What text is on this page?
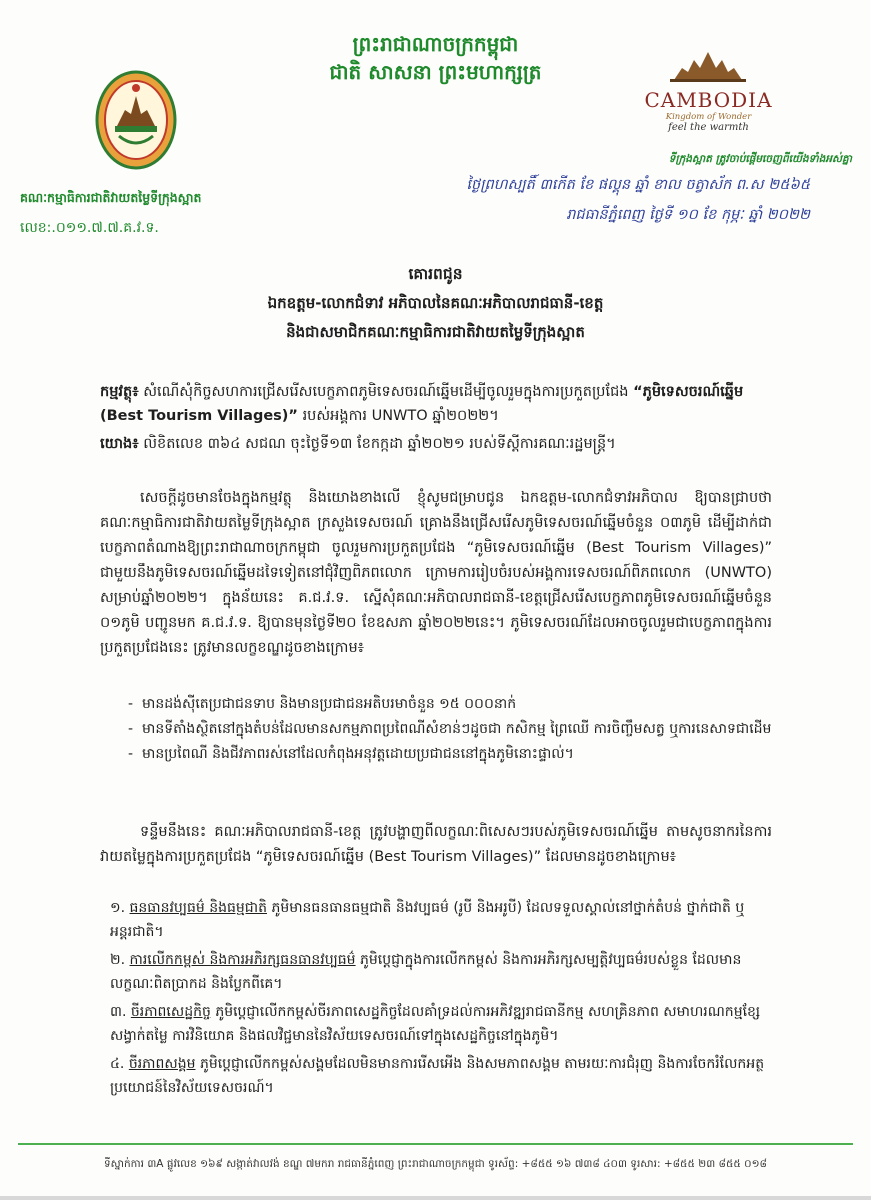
ព្រះរាជាណាចក្រកម្ពុជា
ជាតិ សាសនា ព្រះមហាក្សត្រ
គណៈកម្មាធិការជាតិវាយតម្លៃទីក្រុងស្អាត
លេខ:.០១១.៧.៧.គ.វ.ទ.
CAMBODIA
Kingdom of Wonder
feel the warmth
ទីក្រុងស្អាត ត្រូវចាប់ផ្តើមចេញពីយើងទាំងអស់គ្នា
ថ្ងៃព្រហស្បតិ៍ ៣កើត ខែ ផល្គុន ឆ្នាំ ខាល ចត្វាស័ក ព.ស ២៥៦៥
រាជធានីភ្នំពេញ ថ្ងៃទី ១០ ខែ កុម្ភៈ ឆ្នាំ ២០២២
គោរពជូន
ឯកឧត្តម-លោកជំទាវ អភិបាលនៃគណៈអភិបាលរាជធានី-ខេត្ត
និងជាសមាជិកគណៈកម្មាធិការជាតិវាយតម្លៃទីក្រុងស្អាត
កម្មវត្ថុ៖ សំណើសុំកិច្ចសហការជ្រើសរើសបេក្ខភាពភូមិទេសចរណ៍ឆ្នើមដើម្បីចូលរួមក្នុងការប្រកួតប្រជែង “ភូមិទេសចរណ៍ឆ្នើម (Best Tourism Villages)” របស់អង្គការ UNWTO ឆ្នាំ២០២២។
យោង៖ លិខិតលេខ ៣៦៤ សជណ ចុះថ្ងៃទី១៣ ខែកក្កដា ឆ្នាំ២០២១ របស់ទីស្តីការគណៈរដ្ឋមន្ត្រី។
សេចក្តីដូចមានចែងក្នុងកម្មវត្ថុ និងយោងខាងលើ ខ្ញុំសូមជម្រាបជូន ឯកឧត្តម-លោកជំទាវអភិបាល ឱ្យបានជ្រាបថា គណៈកម្មាធិការជាតិវាយតម្លៃទីក្រុងស្អាត ក្រសួងទេសចរណ៍ គ្រោងនឹងជ្រើសរើសភូមិទេសចរណ៍ឆ្នើមចំនួន ០៣ភូមិ ដើម្បីដាក់ជាបេក្ខភាពតំណាងឱ្យព្រះរាជាណាចក្រកម្ពុជា ចូលរួមការប្រកួតប្រជែង “ភូមិទេសចរណ៍ឆ្នើម (Best Tourism Villages)” ជាមួយនឹងភូមិទេសចរណ៍ឆ្នើមដទៃទៀតនៅជុំវិញពិភពលោក ក្រោមការរៀបចំរបស់អង្គការទេសចរណ៍ពិភពលោក (UNWTO) សម្រាប់ឆ្នាំ២០២២។ ក្នុងន័យនេះ គ.ជ.វ.ទ. ស្នើសុំគណៈអភិបាលរាជធានី-ខេត្តជ្រើសរើសបេក្ខភាពភូមិទេសចរណ៍ឆ្នើមចំនួន ០១ភូមិ បញ្ជូនមក គ.ជ.វ.ទ. ឱ្យបានមុនថ្ងៃទី២០ ខែឧសភា ឆ្នាំ២០២២នេះ។ ភូមិទេសចរណ៍ដែលអាចចូលរួមជាបេក្ខភាពក្នុងការប្រកួតប្រជែងនេះ ត្រូវមានលក្ខខណ្ឌដូចខាងក្រោម៖
- មានដង់ស៊ីតេប្រជាជនទាប និងមានប្រជាជនអតិបរមាចំនួន ១៥ ០០០នាក់
- មានទីតាំងស្ថិតនៅក្នុងតំបន់ដែលមានសកម្មភាពប្រពៃណីសំខាន់ៗដូចជា កសិកម្ម ព្រៃឈើ ការចិញ្ចឹមសត្វ ឬការនេសាទជាដើម
- មានប្រពៃណី និងជីវភាពរស់នៅដែលកំពុងអនុវត្តដោយប្រជាជននៅក្នុងភូមិនោះផ្ទាល់។
ទន្ទឹមនឹងនេះ គណៈអភិបាលរាជធានី-ខេត្ត ត្រូវបង្ហាញពីលក្ខណៈពិសេសៗរបស់ភូមិទេសចរណ៍ឆ្នើម តាមសូចនាករនៃការវាយតម្លៃក្នុងការប្រកួតប្រជែង “ភូមិទេសចរណ៍ឆ្នើម (Best Tourism Villages)” ដែលមានដូចខាងក្រោម៖
១. ធនធានវប្បធម៌ និងធម្មជាតិ ភូមិមានធនធានធម្មជាតិ និងវប្បធម៌ (រូបី និងអរូបី) ដែលទទួលស្គាល់នៅថ្នាក់តំបន់ ថ្នាក់ជាតិ ឬអន្តរជាតិ។
២. ការលើកកម្ពស់ និងការអភិរក្សធនធានវប្បធម៌ ភូមិប្តេជ្ញាក្នុងការលើកកម្ពស់ និងការអភិរក្សសម្បត្តិវប្បធម៌របស់ខ្លួន ដែលមានលក្ខណៈពិតប្រាកដ និងប្លែកពីគេ។
៣. ចីរភាពសេដ្ឋកិច្ច ភូមិប្តេជ្ញាលើកកម្ពស់ចីរភាពសេដ្ឋកិច្ចដែលគាំទ្រដល់ការអភិវឌ្ឍរាជធានីកម្ម សហគ្រិនភាព សមាហរណកម្មខ្សែសង្វាក់តម្លៃ ការវិនិយោគ និងផលវិជ្ជមាននៃវិស័យទេសចរណ៍ទៅក្នុងសេដ្ឋកិច្ចនៅក្នុងភូមិ។
៤. ចីរភាពសង្គម ភូមិប្តេជ្ញាលើកកម្ពស់សង្គមដែលមិនមានការរើសអើង និងសមភាពសង្គម តាមរយៈការជំរុញ និងការចែករំលែកអត្ថប្រយោជន៍នៃវិស័យទេសចរណ៍។
ទីស្នាក់ការ ៣A ផ្លូវលេខ ១៦៩ សង្កាត់វាលវង់ ខណ្ឌ ៧មករា រាជធានីភ្នំពេញ ព្រះរាជាណាចក្រកម្ពុជា ទូរស័ព្ទ: +៨៥៥ ១៦ ៧៣៨ ៤០៣ ទូរសារ: +៨៥៥ ២៣ ៨៥៥ ០១៨
